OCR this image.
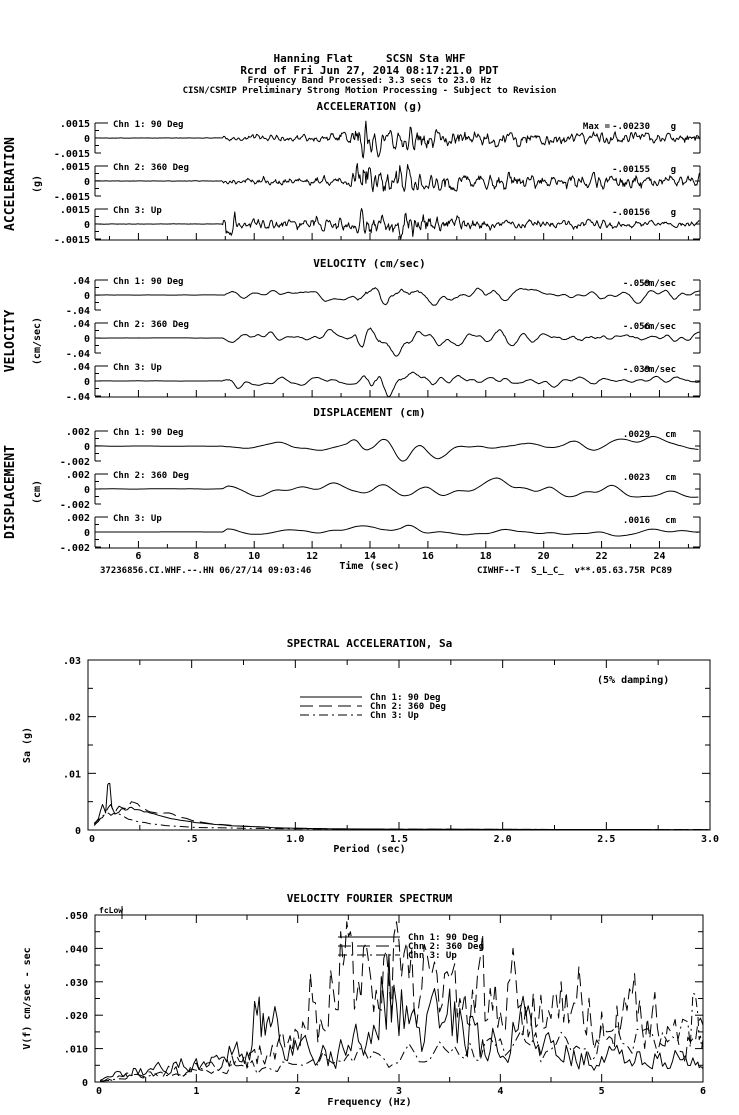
Hanning Flat     SCSN Sta WHF
Rcrd of Fri Jun 27, 2014 08:17:21.0 PDT
Frequency Band Processed: 3.3 secs to 23.0 Hz
CISN/CSMIP Preliminary Strong Motion Processing - Subject to Revision
ACCELERATION (g)
ACCELERATION (g)
.0015
0
-.0015
Chn 1: 90 Deg	Max = -.00230 g
.0015
0
-.0015
Chn 2: 360 Deg	-.00155 g
.0015
0
-.0015
Chn 3: Up	-.00156 g
VELOCITY (cm/sec)
VELOCITY (cm/sec)
.04
0
-.04
Chn 1: 90 Deg	-.059
cm/sec
.04
0
-.04
Chn 2: 360 Deg	-.056
cm/sec
.04
0
-.04
Chn 3: Up	-.039
cm/sec
DISPLACEMENT (cm)
DISPLACEMENT (cm)
.002
0
-.002
Chn 1: 90 Deg	.0029 cm
.002
0
-.002
Chn 2: 360 Deg	.0023 cm
.002
0
-.002
Chn 3: Up	.0016 cm
6	8	10	12	14	16	18	20	22	24
Time (sec)
37236856.CI.WHF.--.HN 06/27/14 09:03:46	CIWHF--T  S_L_C_  v**.05.63.75R PC89
SPECTRAL ACCELERATION, Sa
0
.01
.02
.03
0	.5	1.0	1.5	2.0	2.5	3.0
Sa (g)
(5% damping)
Chn 1: 90 Deg
Chn 2: 360 Deg
Chn 3: Up
Period (sec)
VELOCITY FOURIER SPECTRUM
0
.010
.020
.030
.040
.050
0	1	2	3	4	5	6
V(f) cm/sec - sec
fcLow
Chn 1: 90 Deg
Chn 2: 360 Deg
Chn 3: Up
Frequency (Hz)
